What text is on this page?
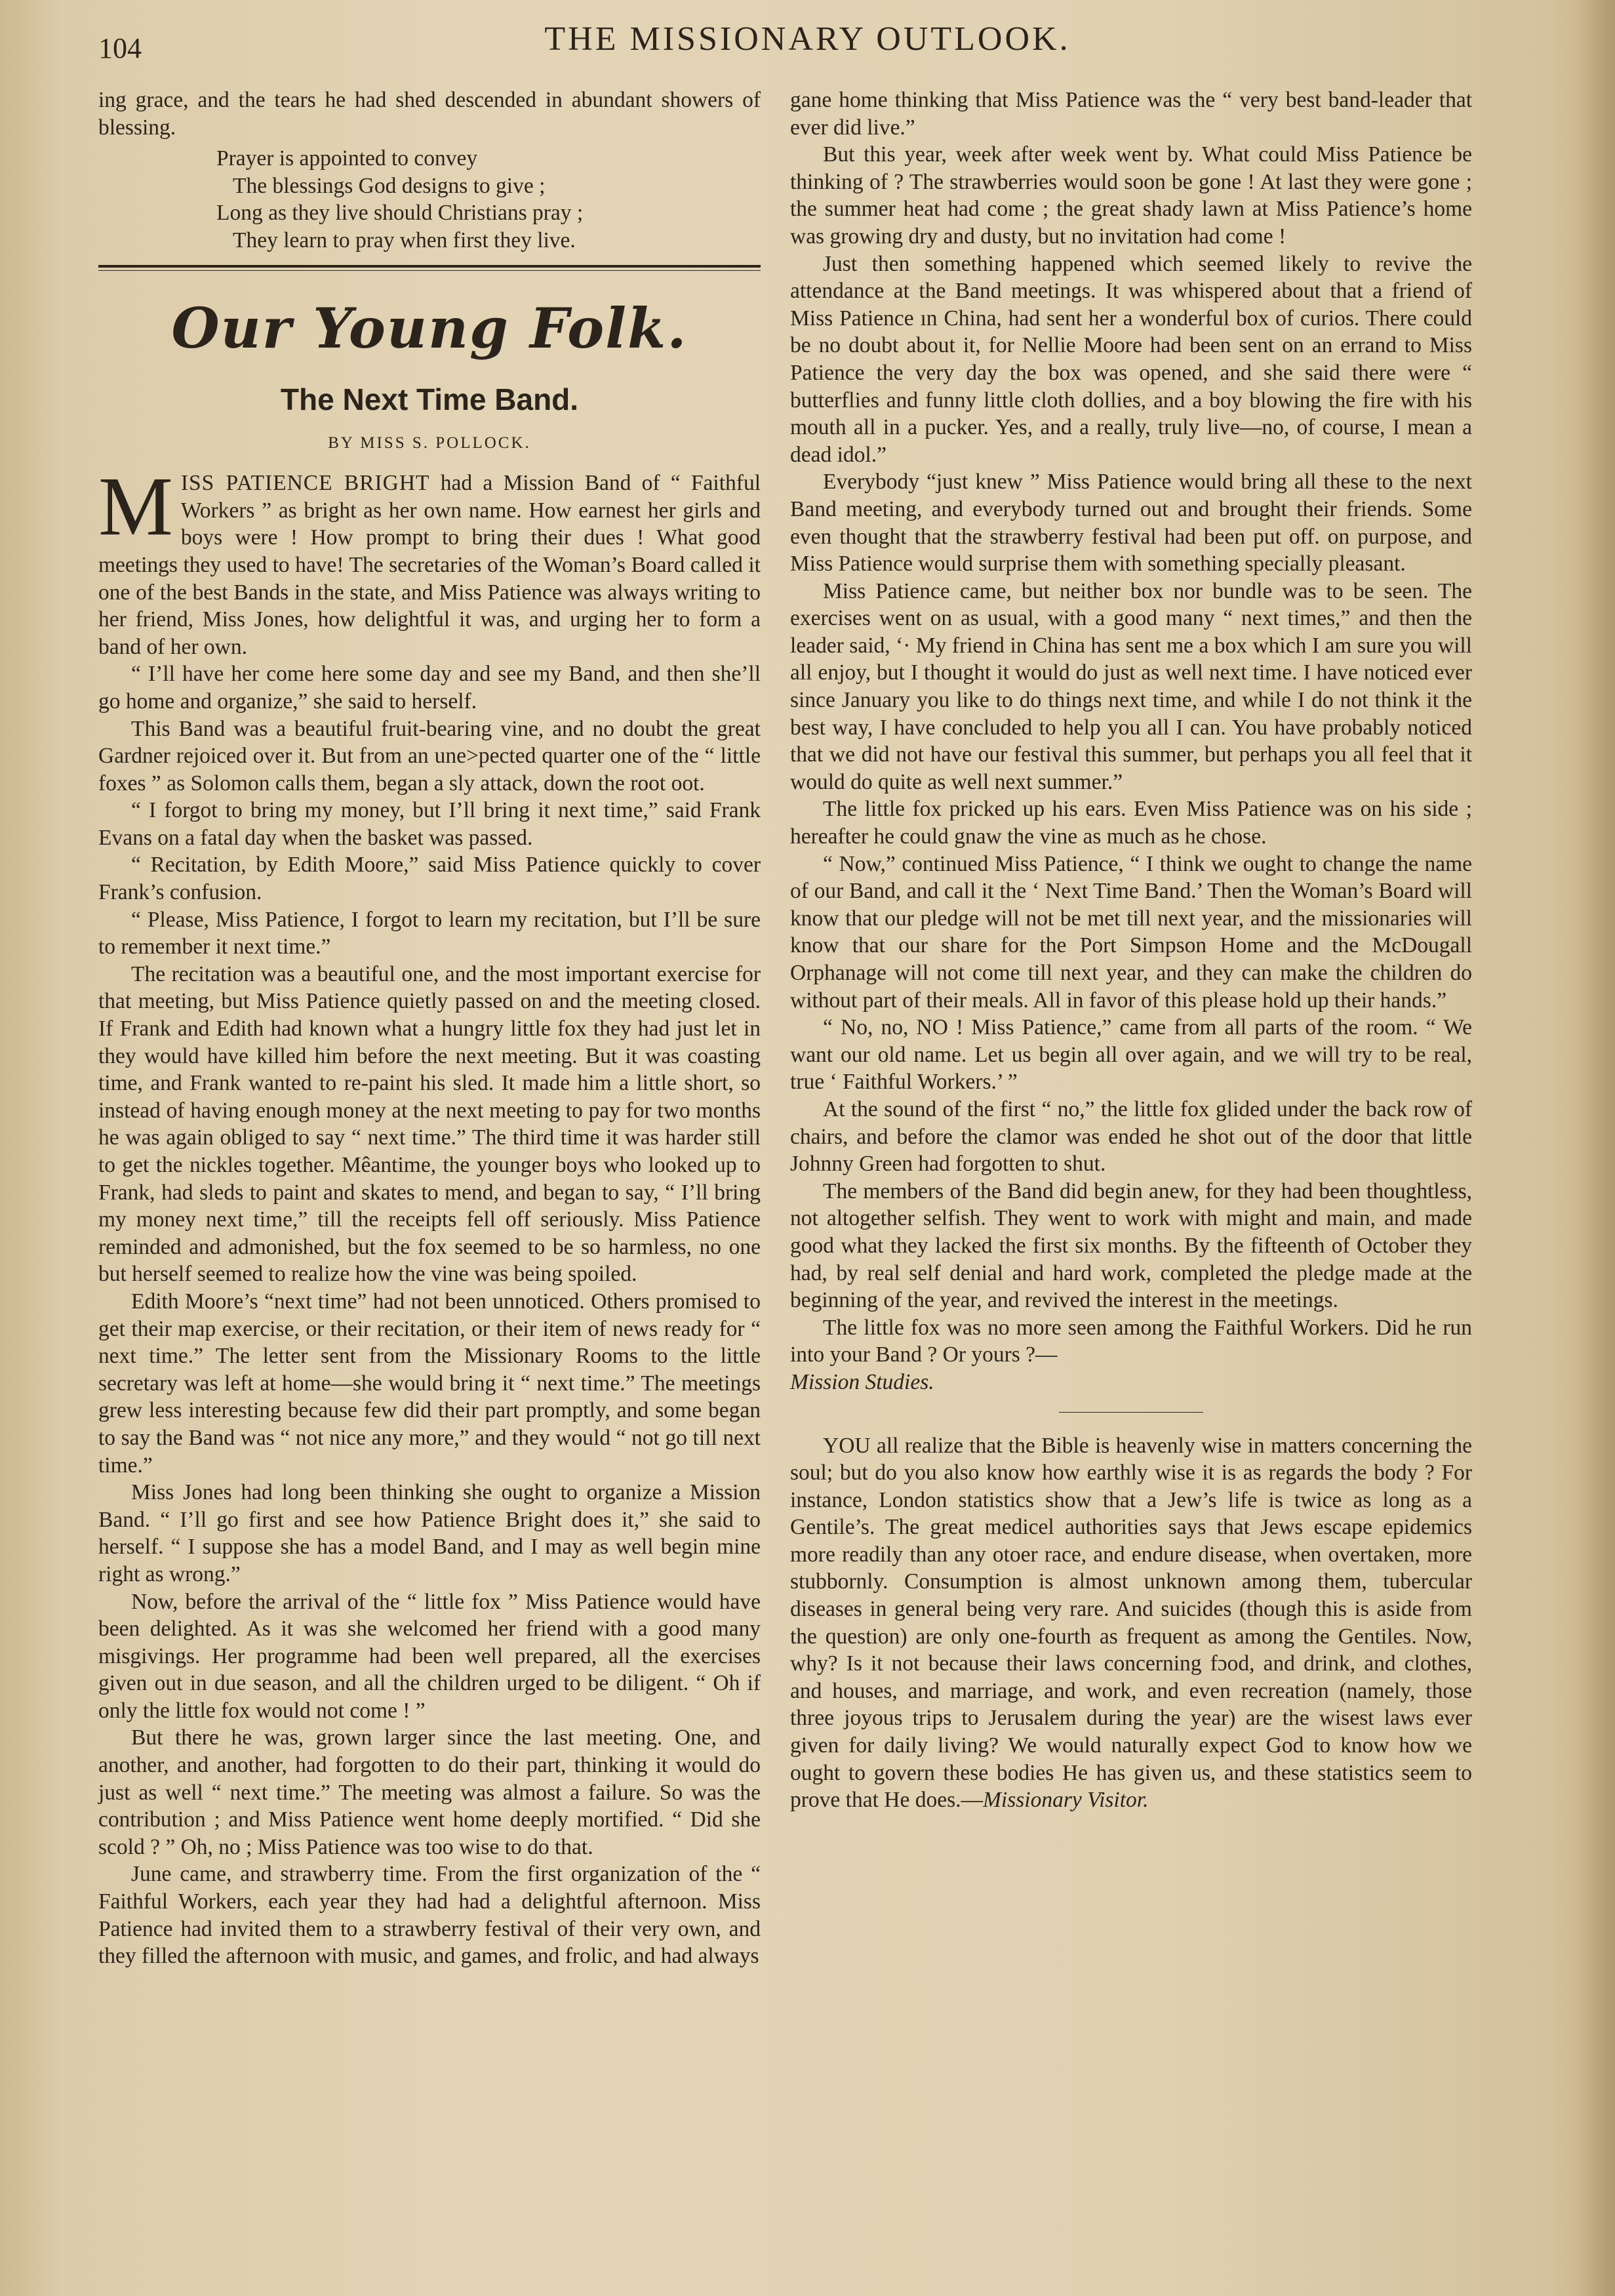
104	THE MISSIONARY OUTLOOK.

ing grace, and the tears he had shed descended in abundant showers of blessing.

Prayer is appointed to convey
The blessings God designs to give ;
Long as they live should Christians pray ;
They learn to pray when first they live.
Our Young Folk.
The Next Time Band.
BY MISS S. POLLOCK.

MISS PATIENCE BRIGHT had a Mission Band of “ Faithful Workers ” as bright as her own name. How earnest her girls and boys were ! How prompt to bring their dues ! What good meetings they used to have! The secretaries of the Woman’s Board called it one of the best Bands in the state, and Miss Patience was always writing to her friend, Miss Jones, how delightful it was, and urging her to form a band of her own.

“ I’ll have her come here some day and see my Band, and then she’ll go home and organize,” she said to herself.

This Band was a beautiful fruit-bearing vine, and no doubt the great Gardner rejoiced over it. But from an une>pected quarter one of the “ little foxes ” as Solomon calls them, began a sly attack, down the root oot.

“ I forgot to bring my money, but I’ll bring it next time,” said Frank Evans on a fatal day when the basket was passed.

“ Recitation, by Edith Moore,” said Miss Patience quickly to cover Frank’s confusion.

“ Please, Miss Patience, I forgot to learn my recitation, but I’ll be sure to remember it next time.”

The recitation was a beautiful one, and the most important exercise for that meeting, but Miss Patience quietly passed on and the meeting closed. If Frank and Edith had known what a hungry little fox they had just let in they would have killed him before the next meeting. But it was coasting time, and Frank wanted to re-paint his sled. It made him a little short, so instead of having enough money at the next meeting to pay for two months he was again obliged to say “ next time.” The third time it was harder still to get the nickles together. Mêantime, the younger boys who looked up to Frank, had sleds to paint and skates to mend, and began to say, “ I’ll bring my money next time,” till the receipts fell off seriously. Miss Patience reminded and admonished, but the fox seemed to be so harmless, no one but herself seemed to realize how the vine was being spoiled.

Edith Moore’s “next time” had not been unnoticed. Others promised to get their map exercise, or their recitation, or their item of news ready for “ next time.” The letter sent from the Missionary Rooms to the little secretary was left at home—she would bring it “ next time.” The meetings grew less interesting because few did their part promptly, and some began to say the Band was “ not nice any more,” and they would “ not go till next time.”

Miss Jones had long been thinking she ought to organize a Mission Band. “ I’ll go first and see how Patience Bright does it,” she said to herself. “ I suppose she has a model Band, and I may as well begin mine right as wrong.”

Now, before the arrival of the “ little fox ” Miss Patience would have been delighted. As it was she welcomed her friend with a good many misgivings. Her programme had been well prepared, all the exercises given out in due season, and all the children urged to be diligent. “ Oh if only the little fox would not come ! ”

But there he was, grown larger since the last meeting. One, and another, and another, had forgotten to do their part, thinking it would do just as well “ next time.” The meeting was almost a failure. So was the contribution ; and Miss Patience went home deeply mortified. “ Did she scold ? ” Oh, no ; Miss Patience was too wise to do that.

June came, and strawberry time. From the first organization of the “ Faithful Workers, each year they had had a delightful afternoon. Miss Patience had invited them to a strawberry festival of their very own, and they filled the afternoon with music, and games, and frolic, and had always

gane home thinking that Miss Patience was the “ very best band-leader that ever did live.”

But this year, week after week went by. What could Miss Patience be thinking of ? The strawberries would soon be gone ! At last they were gone ; the summer heat had come ; the great shady lawn at Miss Patience’s home was growing dry and dusty, but no invitation had come !

Just then something happened which seemed likely to revive the attendance at the Band meetings. It was whispered about that a friend of Miss Patience ın China, had sent her a wonderful box of curios. There could be no doubt about it, for Nellie Moore had been sent on an errand to Miss Patience the very day the box was opened, and she said there were “ butterflies and funny little cloth dollies, and a boy blowing the fire with his mouth all in a pucker. Yes, and a really, truly live—no, of course, I mean a dead idol.”

Everybody “just knew ” Miss Patience would bring all these to the next Band meeting, and everybody turned out and brought their friends. Some even thought that the strawberry festival had been put off. on purpose, and Miss Patience would surprise them with something specially pleasant.

Miss Patience came, but neither box nor bundle was to be seen. The exercises went on as usual, with a good many “ next times,” and then the leader said, ‘· My friend in China has sent me a box which I am sure you will all enjoy, but I thought it would do just as well next time. I have noticed ever since January you like to do things next time, and while I do not think it the best way, I have concluded to help you all I can. You have probably noticed that we did not have our festival this summer, but perhaps you all feel that it would do quite as well next summer.”

The little fox pricked up his ears. Even Miss Patience was on his side ; hereafter he could gnaw the vine as much as he chose.

“ Now,” continued Miss Patience, “ I think we ought to change the name of our Band, and call it the ‘ Next Time Band.’ Then the Woman’s Board will know that our pledge will not be met till next year, and the missionaries will know that our share for the Port Simpson Home and the McDougall Orphanage will not come till next year, and they can make the children do without part of their meals. All in favor of this please hold up their hands.”

“ No, no, NO ! Miss Patience,” came from all parts of the room. “ We want our old name. Let us begin all over again, and we will try to be real, true ‘ Faithful Workers.’ ”

At the sound of the first “ no,” the little fox glided under the back row of chairs, and before the clamor was ended he shot out of the door that little Johnny Green had forgotten to shut.

The members of the Band did begin anew, for they had been thoughtless, not altogether selfish. They went to work with might and main, and made good what they lacked the first six months. By the fifteenth of October they had, by real self denial and hard work, completed the pledge made at the beginning of the year, and revived the interest in the meetings.

The little fox was no more seen among the Faithful Workers. Did he run into your Band ? Or yours ?—
Mission Studies.

YOU all realize that the Bible is heavenly wise in matters concerning the soul; but do you also know how earthly wise it is as regards the body ? For instance, London statistics show that a Jew’s life is twice as long as a Gentile’s. The great medicel authorities says that Jews escape epidemics more readily than any otoer race, and endure disease, when overtaken, more stubbornly. Consumption is almost unknown among them, tubercular diseases in general being very rare. And suicides (though this is aside from the question) are only one-fourth as frequent as among the Gentiles. Now, why? Is it not because their laws concerning fɔod, and drink, and clothes, and houses, and marriage, and work, and even recreation (namely, those three joyous trips to Jerusalem during the year) are the wisest laws ever given for daily living? We would naturally expect God to know how we ought to govern these bodies He has given us, and these statistics seem to prove that He does.—Missionary Visitor.
